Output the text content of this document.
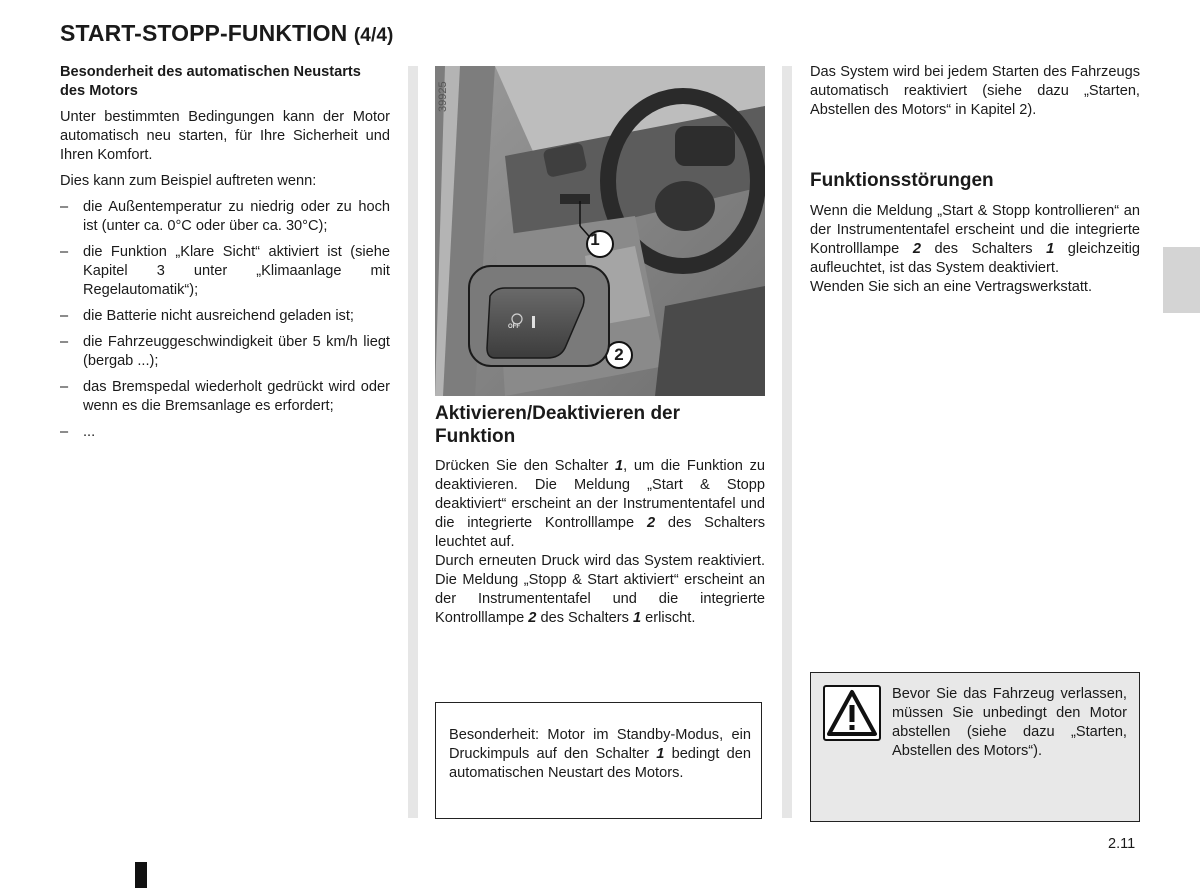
START-STOPP-FUNKTION (4/4)
Besonderheit des automatischen Neustarts des Motors

Unter bestimmten Bedingungen kann der Motor automatisch neu starten, für Ihre Sicherheit und Ihren Komfort.

Dies kann zum Beispiel auftreten wenn:

– die Außentemperatur zu niedrig oder zu hoch ist (unter ca. 0°C oder über ca. 30°C);
– die Funktion „Klare Sicht“ aktiviert ist (siehe Kapitel 3 unter „Klimaanlage mit Regelautomatik“);
– die Batterie nicht ausreichend geladen ist;
– die Fahrzeuggeschwindigkeit über 5 km/h liegt (bergab ...);
– das Bremspedal wiederholt gedrückt wird oder wenn es die Bremsanlage es erfordert;
– ...
1
2
OFF
39925
Aktivieren/Deaktivieren der Funktion

Drücken Sie den Schalter 1, um die Funktion zu deaktivieren. Die Meldung „Start & Stopp deaktiviert“ erscheint an der Instrumententafel und die integrierte Kontrolllampe 2 des Schalters leuchtet auf.

Durch erneuten Druck wird das System reaktiviert. Die Meldung „Stopp & Start aktiviert“ erscheint an der Instrumententafel und die integrierte Kontrolllampe 2 des Schalters 1 erlischt.

Besonderheit: Motor im Standby-Modus, ein Druckimpuls auf den Schalter 1 bedingt den automatischen Neustart des Motors.

Das System wird bei jedem Starten des Fahrzeugs automatisch reaktiviert (siehe dazu „Starten, Abstellen des Motors“ in Kapitel 2).

Funktionsstörungen

Wenn die Meldung „Start & Stopp kontrollieren“ an der Instrumententafel erscheint und die integrierte Kontrolllampe 2 des Schalters 1 gleichzeitig aufleuchtet, ist das System deaktiviert.

Wenden Sie sich an eine Vertragswerkstatt.

Bevor Sie das Fahrzeug verlassen, müssen Sie unbedingt den Motor abstellen (siehe dazu „Starten, Abstellen des Motors“).
2.11
